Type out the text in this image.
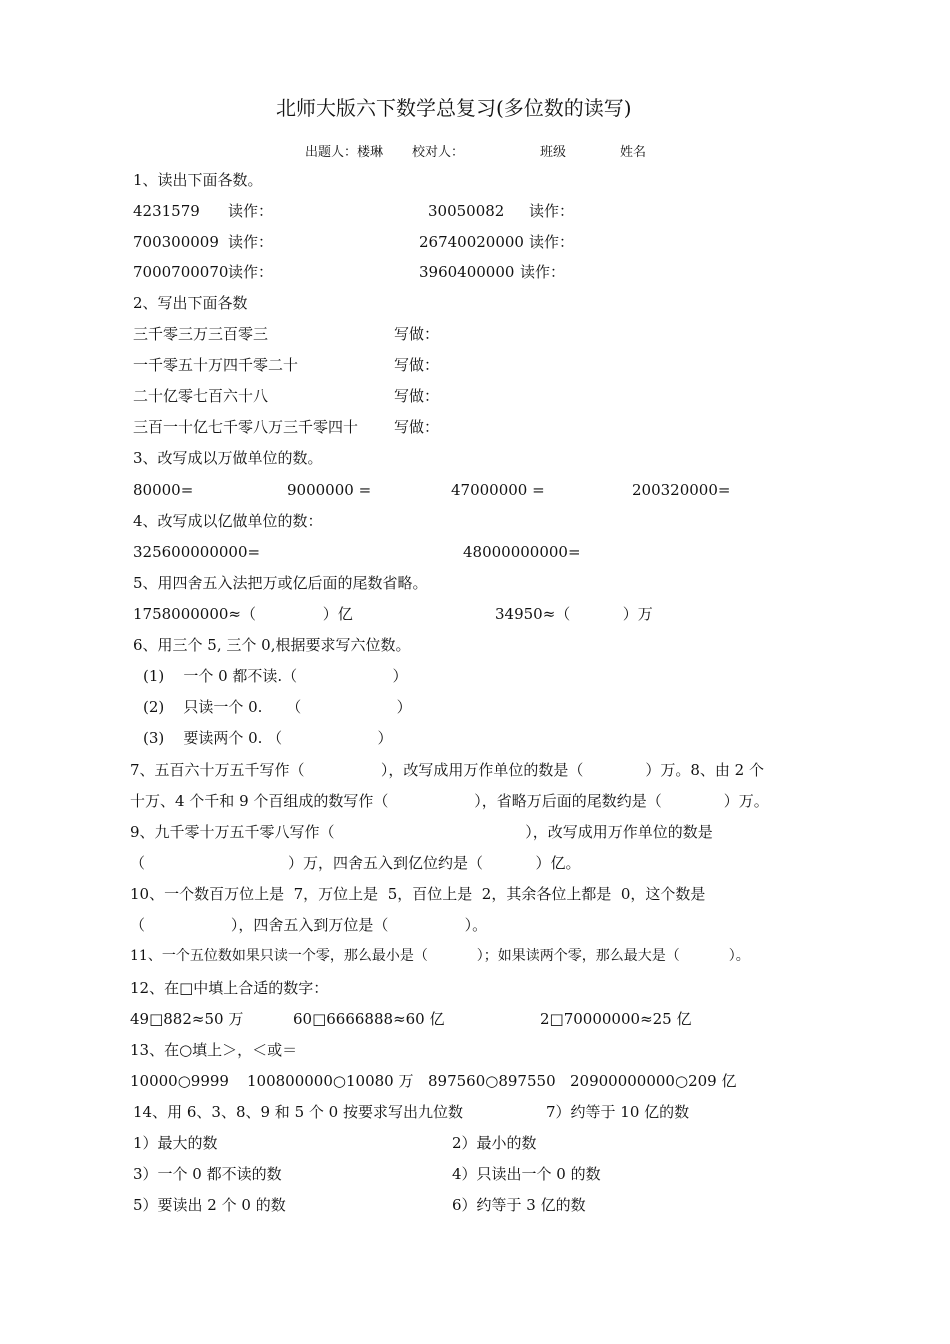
北师大版六下数学总复习(多位数的读写)
出题人：楼琳 校对人：	班级	姓名
1、读出下面各数。
4231579 读作：	30050082 读作：
700300009 读作：	26740020000 读作：
7000700070 读作：	3960400000 读作：
2、写出下面各数
三千零三万三百零三	写做：
一千零五十万四千零二十	写做：
二十亿零七百六十八	写做：
三百一十亿七千零八万三千零四十 写做：
3、改写成以万做单位的数。
80000=	9000000 =	47000000 =	200320000=
4、改写成以亿做单位的数：
325600000000=	48000000000=
5、用四舍五入法把万或亿后面的尾数省略。
1758000000≈（              ）亿	34950≈（           ）万
6、用三个 5, 三个 0,根据要求写六位数。
(1)    一个 0 都不读.（                    ）
(2)    只读一个 0.     （                    ）
(3)    要读两个 0. （                    ）
7、五百六十万五千写作（                ），改写成用万作单位的数是（             ）万。8、由 2 个
十万、4 个千和 9 个百组成的数写作（                  ），省略万后面的尾数约是（             ）万。
9、九千零十万五千零八写作（                                        ），改写成用万作单位的数是
（                              ）万，四舍五入到亿位约是（           ）亿。
10、一个数百万位上是  7，万位上是  5，百位上是  2，其余各位上都是  0，这个数是
（                  ），四舍五入到万位是（                ）。
11、一个五位数如果只读一个零，那么最小是（           ）；如果读两个零，那么最大是（           ）。
12、在□中填上合适的数字：
49□882≈50 万	60□6666888≈60 亿	2□70000000≈25 亿
13、在○填上＞，＜或＝
10000○9999 100800000○10080 万 897560○897550 20900000000○209 亿
14、用 6、3、8、9 和 5 个 0 按要求写出九位数	7）约等于 10 亿的数
1）最大的数	2）最小的数
3）一个 0 都不读的数	4）只读出一个 0 的数
5）要读出 2 个 0 的数	6）约等于 3 亿的数
